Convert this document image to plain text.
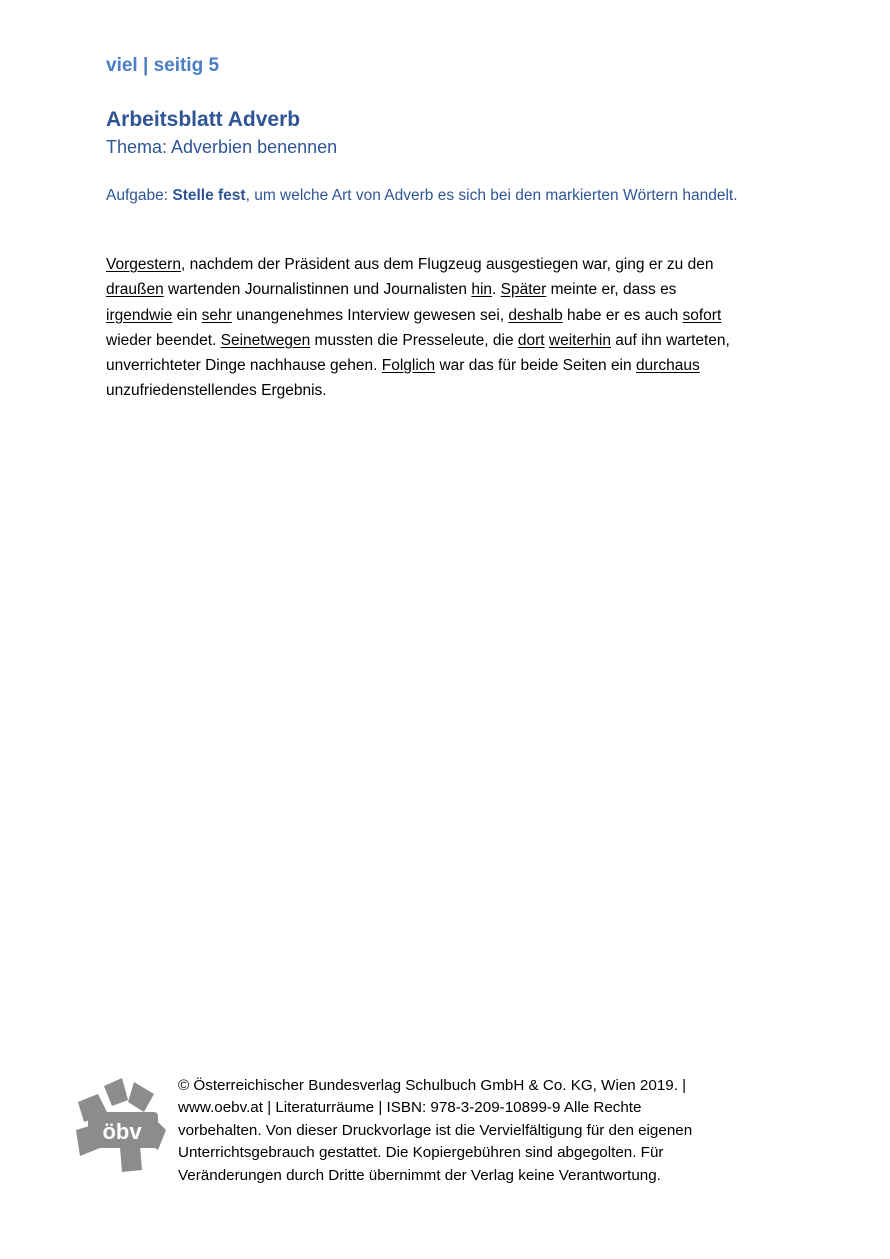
viel | seitig 5

Arbeitsblatt Adverb

Thema: Adverbien benennen

Aufgabe: Stelle fest, um welche Art von Adverb es sich bei den markierten Wörtern handelt.

Vorgestern, nachdem der Präsident aus dem Flugzeug ausgestiegen war, ging er zu den
draußen wartenden Journalistinnen und Journalisten hin. Später meinte er, dass es
irgendwie ein sehr unangenehmes Interview gewesen sei, deshalb habe er es auch sofort
wieder beendet. Seinetwegen mussten die Presseleute, die dort weiterhin auf ihn warteten,
unverrichteter Dinge nachhause gehen. Folglich war das für beide Seiten ein durchaus
unzufriedenstellendes Ergebnis.
öbv
© Österreichischer Bundesverlag Schulbuch GmbH & Co. KG, Wien 2019. |
www.oebv.at | Literaturräume | ISBN: 978-3-209-10899-9 Alle Rechte
vorbehalten. Von dieser Druckvorlage ist die Vervielfältigung für den eigenen
Unterrichtsgebrauch gestattet. Die Kopiergebühren sind abgegolten. Für
Veränderungen durch Dritte übernimmt der Verlag keine Verantwortung.
